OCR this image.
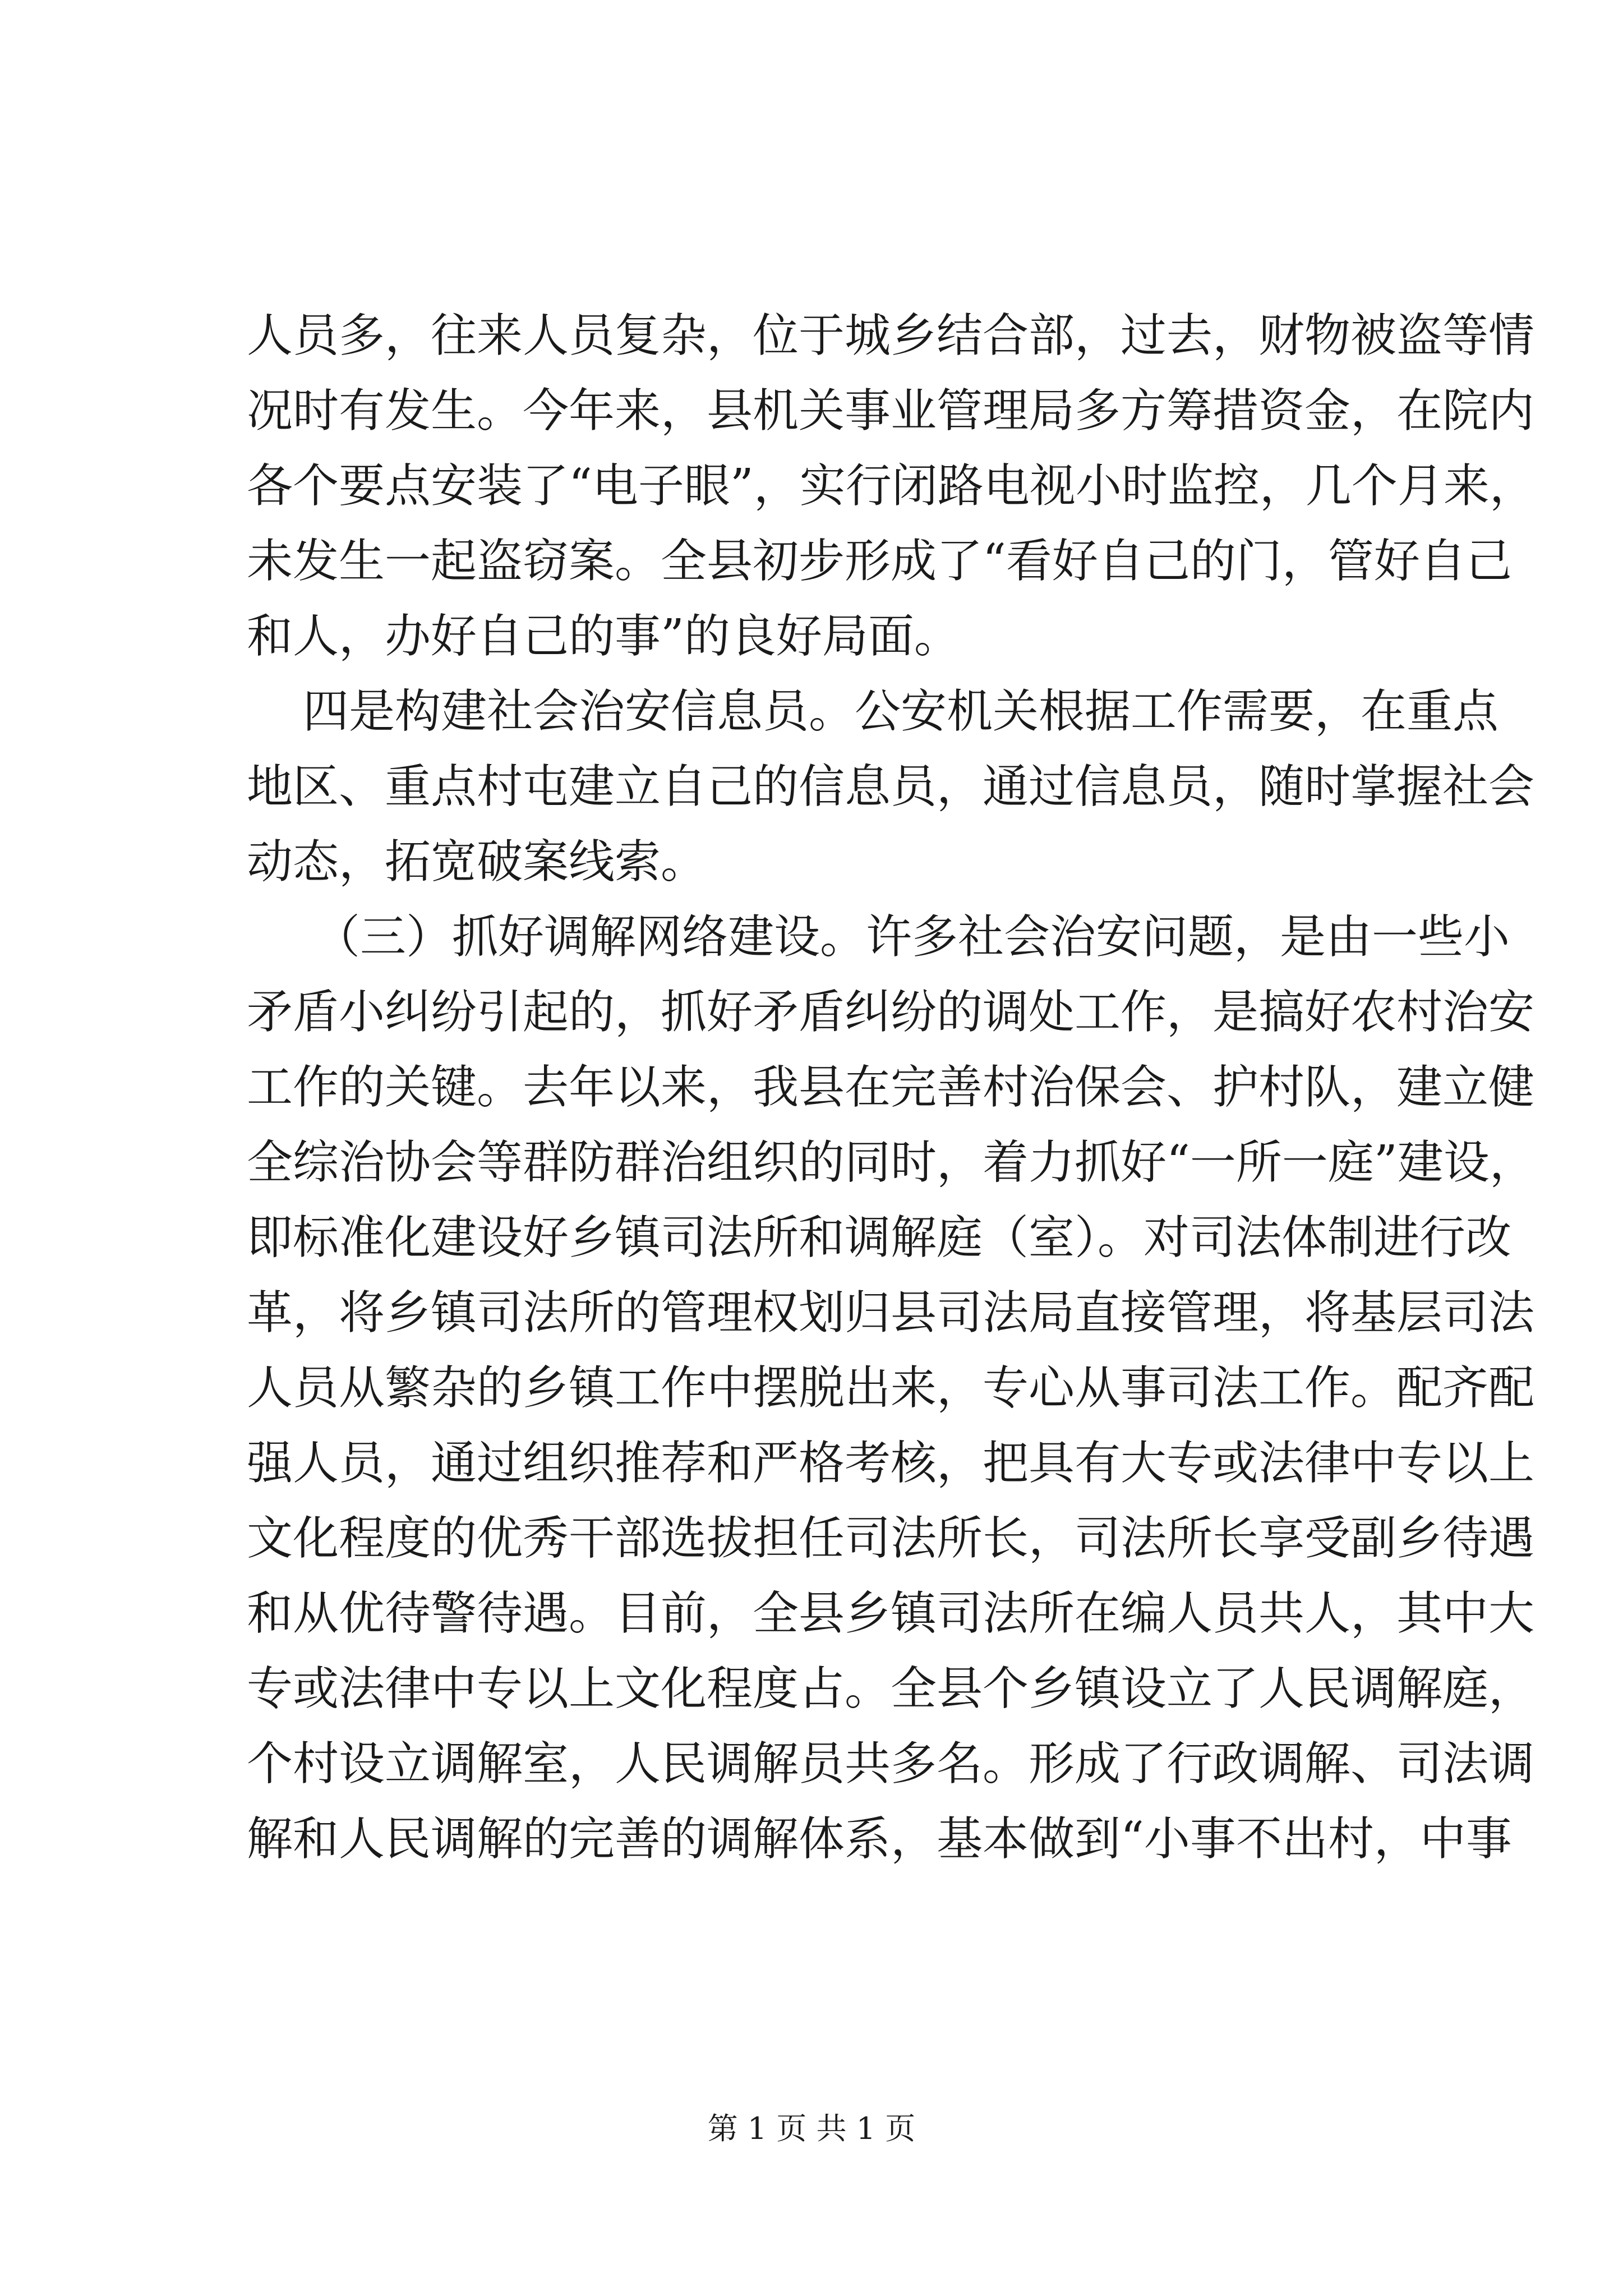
人员多，往来人员复杂，位于城乡结合部，过去，财物被盗等情
况时有发生。今年来，县机关事业管理局多方筹措资金，在院内
各个要点安装了“电子眼”，实行闭路电视小时监控，几个月来，
未发生一起盗窃案。全县初步形成了“看好自己的门，管好自己
和人，办好自己的事”的良好局面。
四是构建社会治安信息员。公安机关根据工作需要，在重点
地区、重点村屯建立自己的信息员，通过信息员，随时掌握社会
动态，拓宽破案线索。
（三）抓好调解网络建设。许多社会治安问题，是由一些小
矛盾小纠纷引起的，抓好矛盾纠纷的调处工作，是搞好农村治安
工作的关键。去年以来，我县在完善村治保会、护村队，建立健
全综治协会等群防群治组织的同时，着力抓好“一所一庭”建设，
即标准化建设好乡镇司法所和调解庭（室）。对司法体制进行改
革，将乡镇司法所的管理权划归县司法局直接管理，将基层司法
人员从繁杂的乡镇工作中摆脱出来，专心从事司法工作。配齐配
强人员，通过组织推荐和严格考核，把具有大专或法律中专以上
文化程度的优秀干部选拔担任司法所长，司法所长享受副乡待遇
和从优待警待遇。目前，全县乡镇司法所在编人员共人，其中大
专或法律中专以上文化程度占。全县个乡镇设立了人民调解庭，
个村设立调解室，人民调解员共多名。形成了行政调解、司法调
解和人民调解的完善的调解体系，基本做到“小事不出村，中事
第 1 页 共 1 页
